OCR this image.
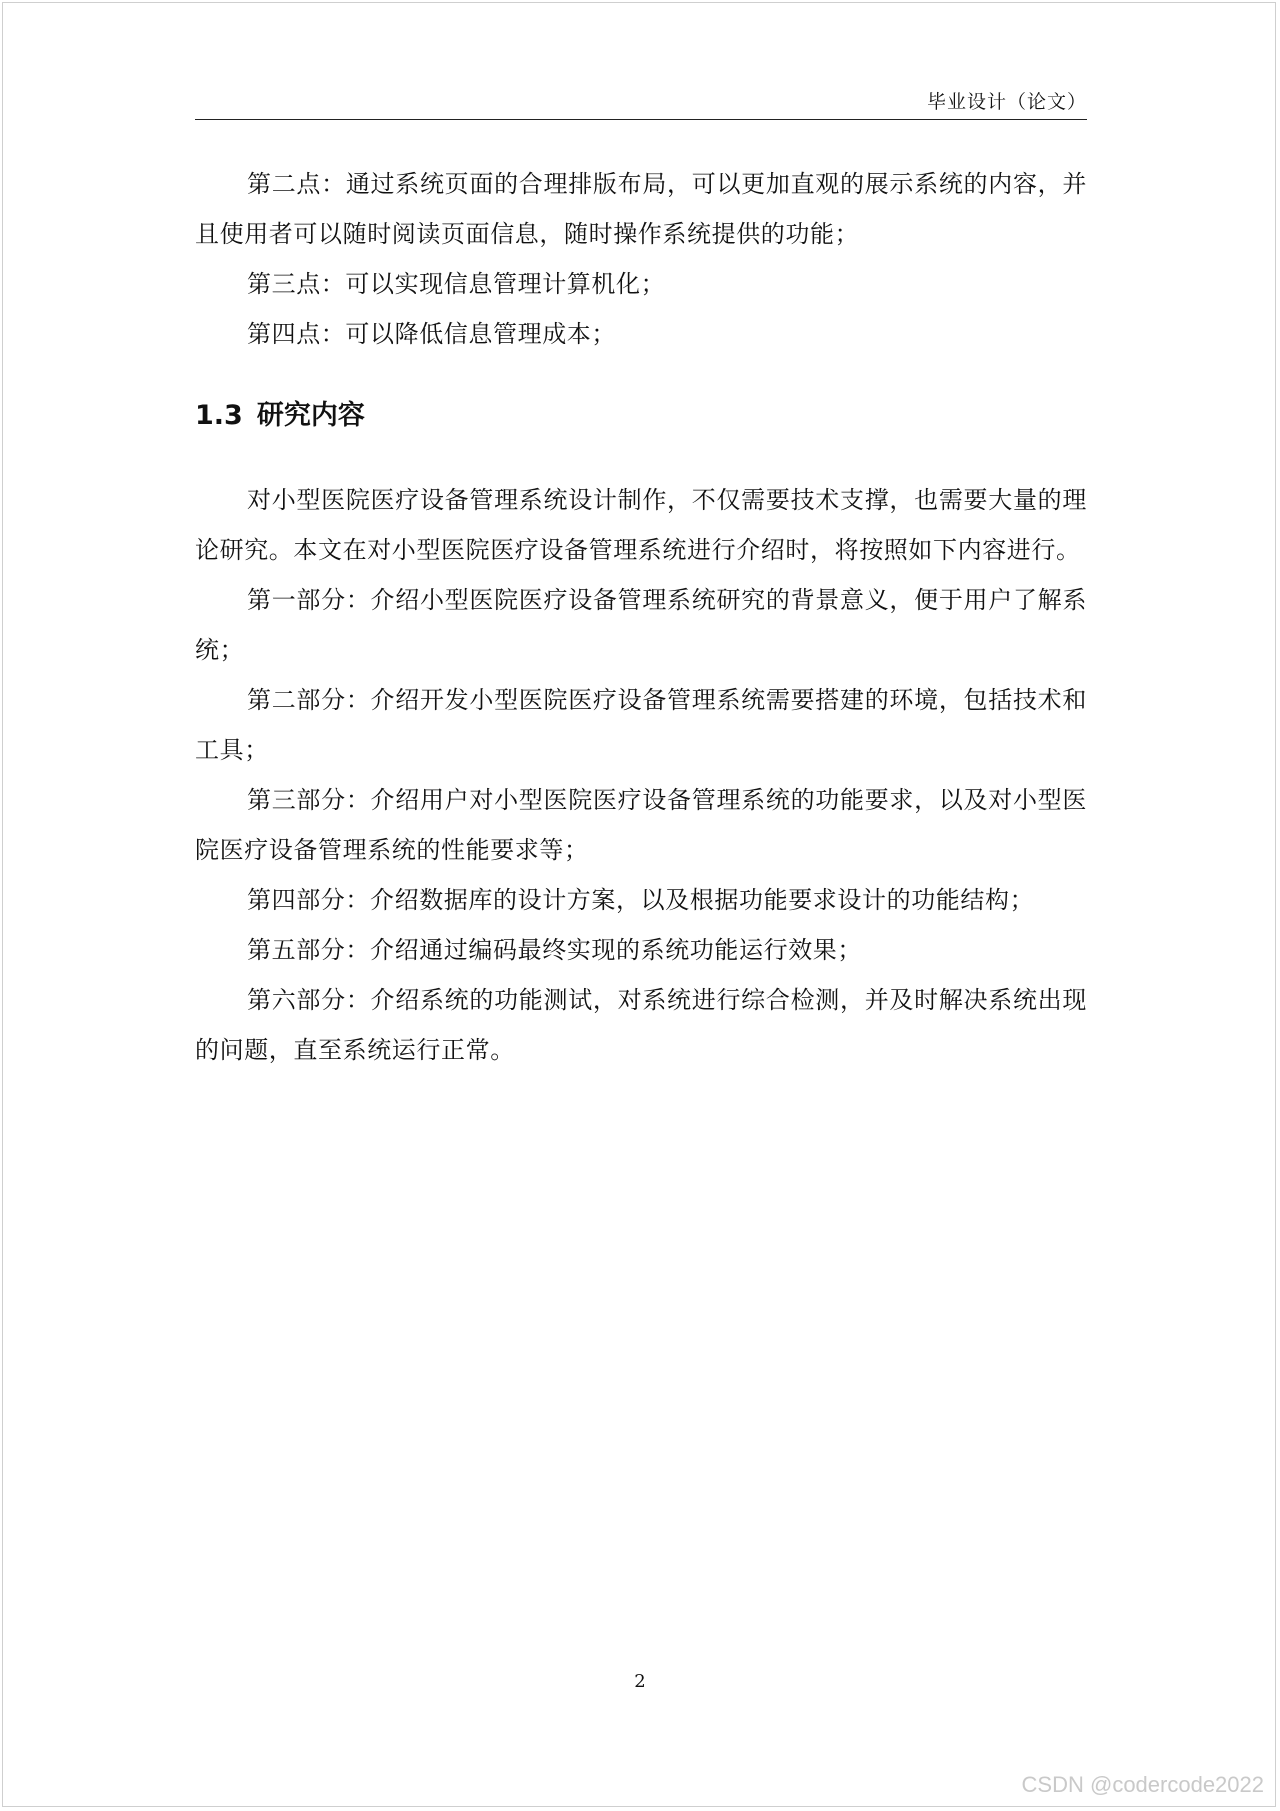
毕业设计（论文）

第二点：通过系统页面的合理排版布局，可以更加直观的展示系统的内容，并且使用者可以随时阅读页面信息，随时操作系统提供的功能；

第三点：可以实现信息管理计算机化；

第四点：可以降低信息管理成本；

1.3 研究内容

对小型医院医疗设备管理系统设计制作，不仅需要技术支撑，也需要大量的理论研究。本文在对小型医院医疗设备管理系统进行介绍时，将按照如下内容进行。

第一部分：介绍小型医院医疗设备管理系统研究的背景意义，便于用户了解系统；

第二部分：介绍开发小型医院医疗设备管理系统需要搭建的环境，包括技术和工具；

第三部分：介绍用户对小型医院医疗设备管理系统的功能要求，以及对小型医院医疗设备管理系统的性能要求等；

第四部分：介绍数据库的设计方案，以及根据功能要求设计的功能结构；

第五部分：介绍通过编码最终实现的系统功能运行效果；

第六部分：介绍系统的功能测试，对系统进行综合检测，并及时解决系统出现的问题，直至系统运行正常。

2
CSDN @codercode2022
